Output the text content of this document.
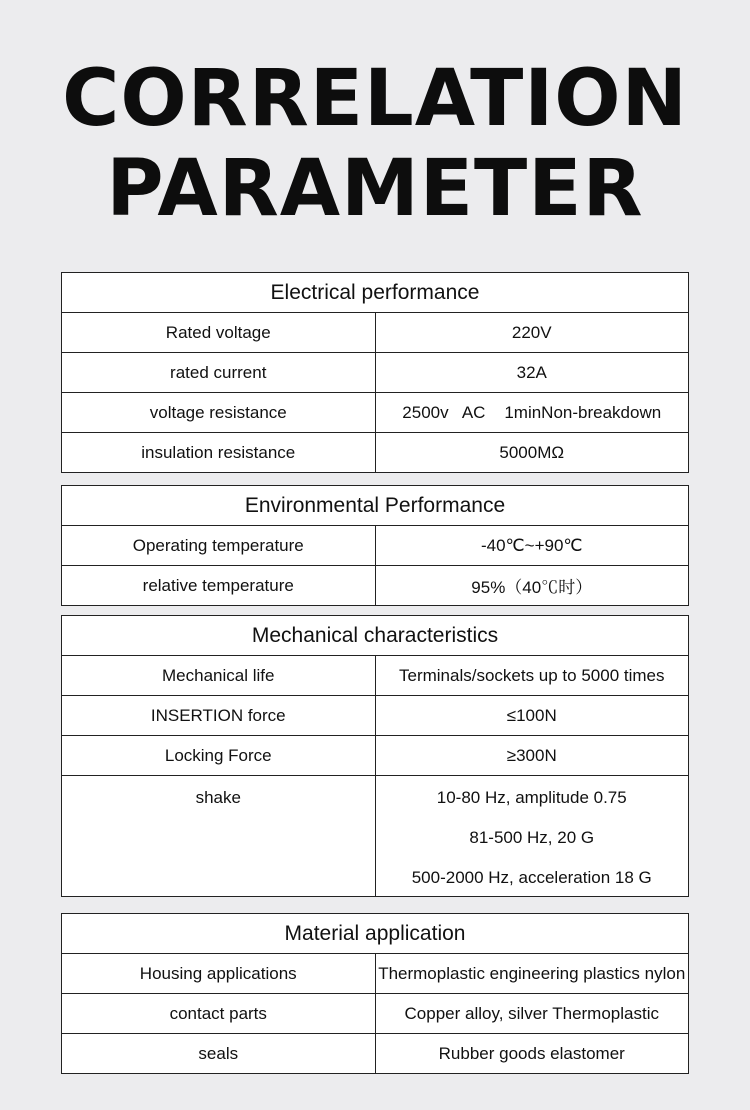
CORRELATION
PARAMETER
Electrical performance	
Rated voltage	220V
rated current	32A
voltage resistance	2500v   AC    1minNon-breakdown
insulation resistance	5000MΩ
Environmental Performance	
Operating temperature	-40℃~+90℃
relative temperature	95%（40℃时）
Mechanical characteristics	
Mechanical life	Terminals/sockets up to 5000 times
INSERTION force	≤100N
Locking Force	≥300N

shake	10-80 Hz, amplitude 0.75
81-500 Hz, 20 G
500-2000 Hz, acceleration 18 G
Material application	
Housing applications	Thermoplastic engineering plastics nylon
contact parts	Copper alloy, silver Thermoplastic
seals	Rubber goods elastomer
